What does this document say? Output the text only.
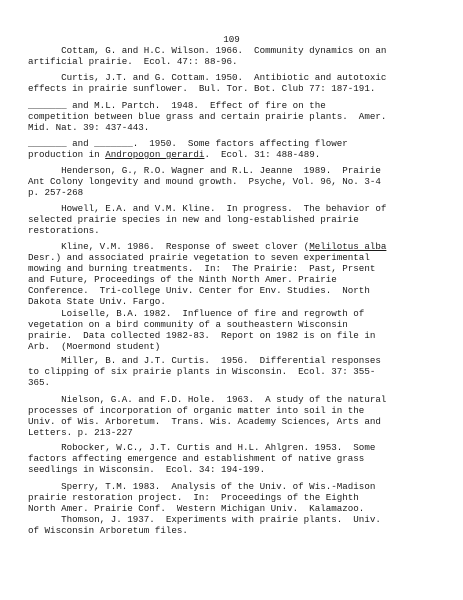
109
Cottam, G. and H.C. Wilson. 1966.  Community dynamics on an
artificial prairie.  Ecol. 47:: 88-96.
Curtis, J.T. and G. Cottam. 1950.  Antibiotic and autotoxic
effects in prairie sunflower.  Bul. Tor. Bot. Club 77: 187-191.
_______ and M.L. Partch.  1948.  Effect of fire on the
competition between blue grass and certain prairie plants.  Amer.
Mid. Nat. 39: 437-443.
_______ and _______.  1950.  Some factors affecting flower
production in Andropogon gerardi.  Ecol. 31: 488-489.
Henderson, G., R.O. Wagner and R.L. Jeanne  1989.  Prairie
Ant Colony longevity and mound growth.  Psyche, Vol. 96, No. 3-4
p. 257-268
Howell, E.A. and V.M. Kline.  In progress.  The behavior of
selected prairie species in new and long-established prairie
restorations.
Kline, V.M. 1986.  Response of sweet clover (Melilotus alba
Desr.) and associated prairie vegetation to seven experimental
mowing and burning treatments.  In:  The Prairie:  Past, Prsent
and Future, Proceedings of the Ninth North Amer. Prairie
Conference.  Tri-college Univ. Center for Env. Studies.  North
Dakota State Univ. Fargo.
Loiselle, B.A. 1982.  Influence of fire and regrowth of
vegetation on a bird community of a southeastern Wisconsin
prairie.  Data collected 1982-83.  Report on 1982 is on file in
Arb.  (Moermond student)
Miller, B. and J.T. Curtis.  1956.  Differential responses
to clipping of six prairie plants in Wisconsin.  Ecol. 37: 355-
365.
Nielson, G.A. and F.D. Hole.  1963.  A study of the natural
processes of incorporation of organic matter into soil in the
Univ. of Wis. Arboretum.  Trans. Wis. Academy Sciences, Arts and
Letters. p. 213-227
Robocker, W.C., J.T. Curtis and H.L. Ahlgren. 1953.  Some
factors affecting emergence and establishment of native grass
seedlings in Wisconsin.  Ecol. 34: 194-199.
Sperry, T.M. 1983.  Analysis of the Univ. of Wis.-Madison
prairie restoration project.  In:  Proceedings of the Eighth
North Amer. Prairie Conf.  Western Michigan Univ.  Kalamazoo.
Thomson, J. 1937.  Experiments with prairie plants.  Univ.
of Wisconsin Arboretum files.
